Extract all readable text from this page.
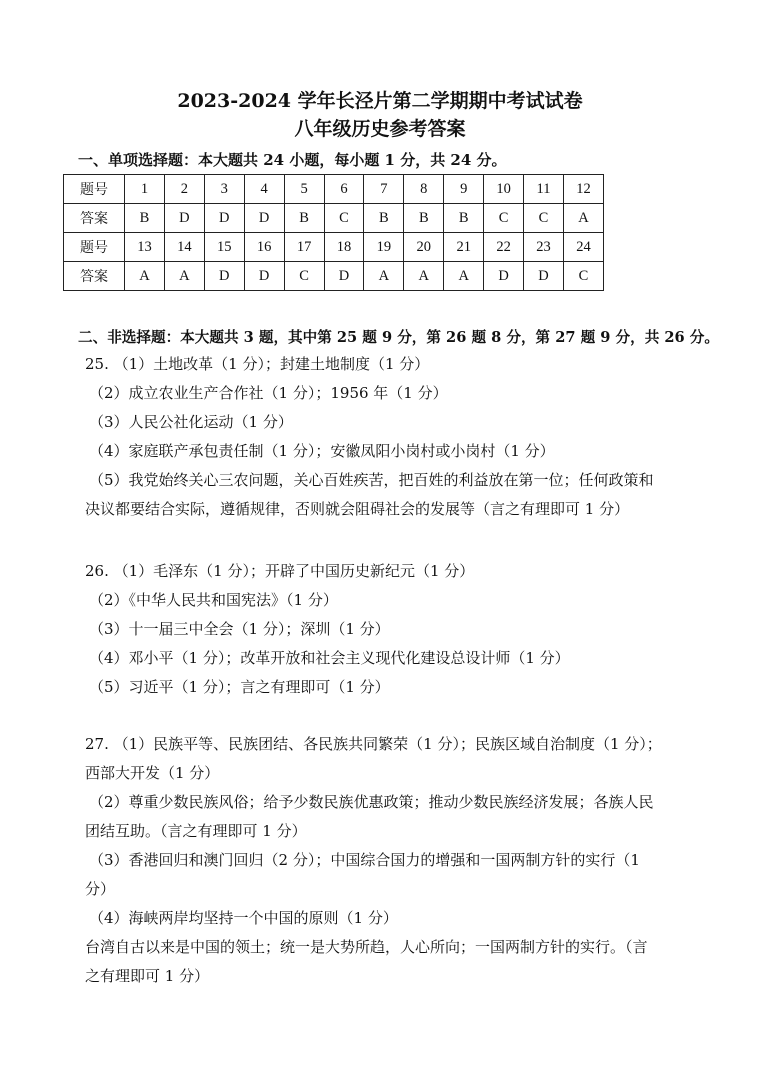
2023-2024 学年长泾片第二学期期中考试试卷
八年级历史参考答案
一、单项选择题：本大题共 24 小题，每小题 1 分，共 24 分。
题号	1	2	3	4	5	6	7	8	9	10	11	12
答案	B	D	D	D	B	C	B	B	B	C	C	A
题号	13	14	15	16	17	18	19	20	21	22	23	24
答案	A	A	D	D	C	D	A	A	A	D	D	C
二、非选择题：本大题共 3 题，其中第 25 题 9 分，第 26 题 8 分，第 27 题 9 分，共 26 分。
25. （1）土地改革（1 分）；封建土地制度（1 分）
（2）成立农业生产合作社（1 分）；1956 年（1 分）
（3）人民公社化运动（1 分）
（4）家庭联产承包责任制（1 分）；安徽凤阳小岗村或小岗村（1 分）
（5）我党始终关心三农问题，关心百姓疾苦，把百姓的利益放在第一位；任何政策和
决议都要结合实际，遵循规律，否则就会阻碍社会的发展等（言之有理即可 1 分）
26. （1）毛泽东（1 分）；开辟了中国历史新纪元（1 分）
（2）《中华人民共和国宪法》（1 分）
（3）十一届三中全会（1 分）；深圳（1 分）
（4）邓小平（1 分）；改革开放和社会主义现代化建设总设计师（1 分）
（5）习近平（1 分）；言之有理即可（1 分）
27. （1）民族平等、民族团结、各民族共同繁荣（1 分）；民族区域自治制度（1 分）；
西部大开发（1 分）
（2）尊重少数民族风俗；给予少数民族优惠政策；推动少数民族经济发展；各族人民
团结互助。（言之有理即可 1 分）
（3）香港回归和澳门回归（2 分）；中国综合国力的增强和一国两制方针的实行（1
分）
（4）海峡两岸均坚持一个中国的原则（1 分）
台湾自古以来是中国的领土；统一是大势所趋，人心所向；一国两制方针的实行。（言
之有理即可 1 分）
